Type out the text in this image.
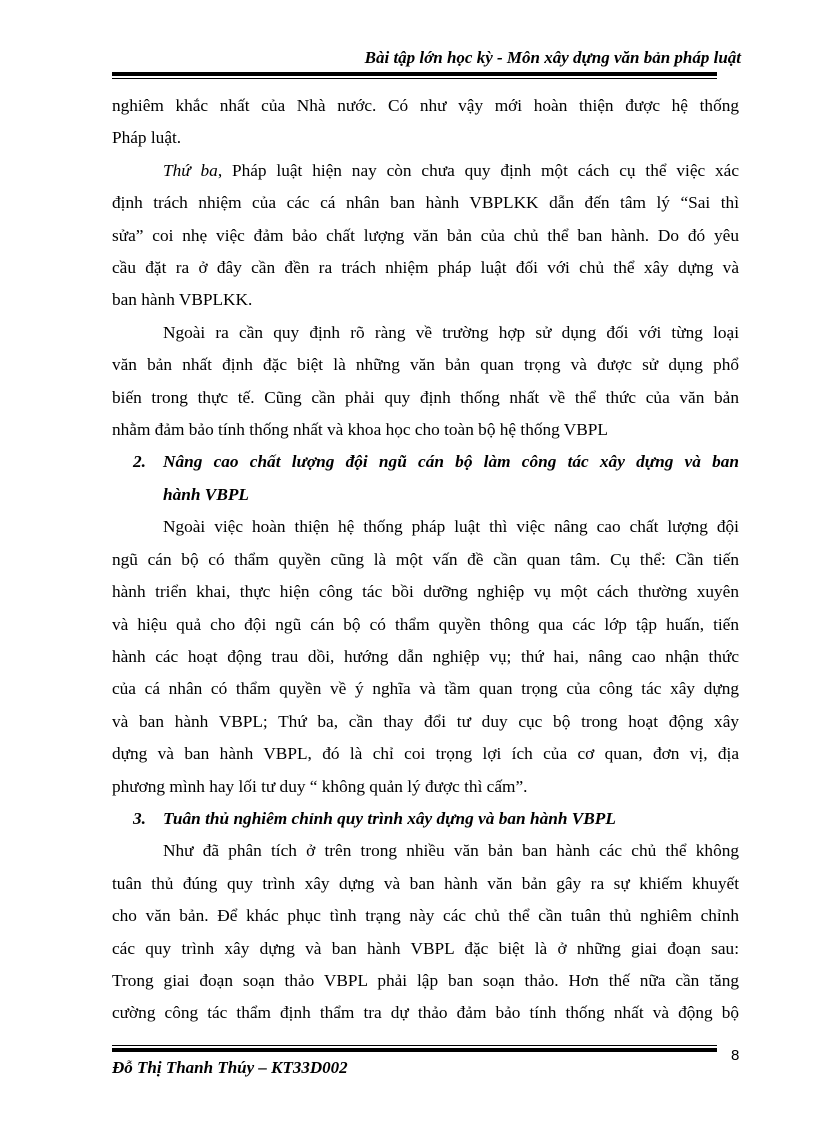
Bài tập lớn học kỳ - Môn xây dựng văn bản pháp luật
nghiêm khắc nhất của Nhà nước. Có như vậy mới hoàn thiện được hệ thống
Pháp luật.
Thứ ba, Pháp luật hiện nay còn chưa quy định một cách cụ thể việc xác
định trách nhiệm của các cá nhân ban hành VBPLKK dẫn đến tâm lý “Sai thì
sửa” coi nhẹ việc đảm bảo chất lượng văn bản của chủ thể ban hành. Do đó yêu
cầu đặt ra ở đây cần đền ra trách nhiệm pháp luật đối với chủ thể xây dựng và
ban hành VBPLKK.
Ngoài ra cần quy định rõ ràng về trường hợp sử dụng đối với từng loại
văn bản nhất định đặc biệt là những văn bản quan trọng và được sử dụng phổ
biến trong thực tế. Cũng cần phải quy định thống nhất về thể thức của văn bản
nhằm đảm bảo tính thống nhất và khoa học cho toàn bộ hệ thống VBPL
2. Nâng cao chất lượng đội ngũ cán bộ làm công tác xây dựng và ban
hành VBPL
Ngoài việc hoàn thiện hệ thống pháp luật thì việc nâng cao chất lượng đội
ngũ cán bộ có thẩm quyền cũng là một vấn đề cần quan tâm. Cụ thể: Cần tiến
hành triển khai, thực hiện công tác bồi dưỡng nghiệp vụ một cách thường xuyên
và hiệu quả cho đội ngũ cán bộ có thẩm quyền thông qua các lớp tập huấn, tiến
hành các hoạt động trau dồi, hướng dẫn nghiệp vụ; thứ hai, nâng cao nhận thức
của cá nhân có thẩm quyền về ý nghĩa và tầm quan trọng của công tác xây dựng
và ban hành VBPL; Thứ ba, cần thay đổi tư duy cục bộ trong hoạt động xây
dựng và ban hành VBPL, đó là chỉ coi trọng lợi ích của cơ quan, đơn vị, địa
phương mình hay lối tư duy “ không quản lý được thì cấm”.
3. Tuân thủ nghiêm chỉnh quy trình xây dựng và ban hành VBPL
Như đã phân tích ở trên trong nhiều văn bản ban hành các chủ thể không
tuân thủ đúng quy trình xây dựng và ban hành văn bản gây ra sự khiếm khuyết
cho văn bản. Để khác phục tình trạng này các chủ thể cần tuân thủ nghiêm chỉnh
các quy trình xây dựng và ban hành VBPL đặc biệt là ở những giai đoạn sau:
Trong giai đoạn soạn thảo VBPL phải lập ban soạn thảo. Hơn thế nữa cần tăng
cường công tác thẩm định thẩm tra dự thảo đảm bảo tính thống nhất và động bộ
Đỗ Thị Thanh Thúy – KT33D002
8
